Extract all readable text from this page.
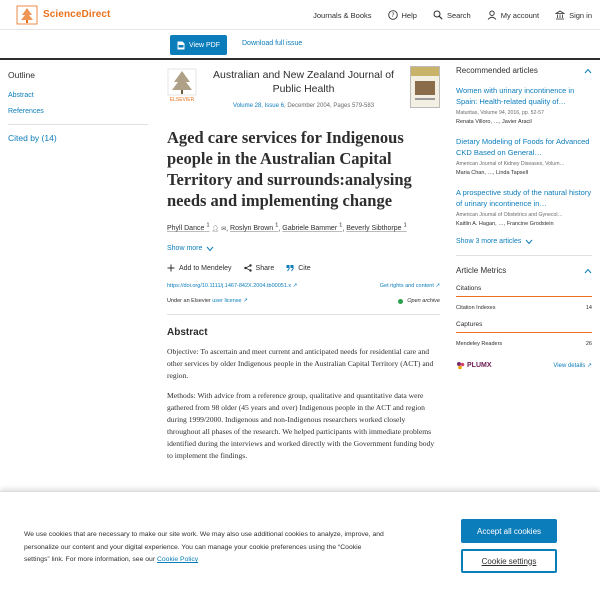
ScienceDirect	Journals & Books	? Help	Search	My account	Sign in
View PDF	Download full issue
Outline
Abstract
References
Cited by (14)
ELSEVIER
Australian and New Zealand Journal of Public Health
Volume 28, Issue 6, December 2004, Pages 579-583
Aged care services for Indigenous people in the Australian Capital Territory and surrounds:analysing needs and implementing change
Phyll Dance $^1$ 👤︎ ✉, Roslyn Brown $^1$, Gabriele Bammer $^1$, Beverly Sibthorpe $^1$
Show more
Add to Mendeley	Share	Cite
https://doi.org/10.1111/j.1467-842X.2004.tb00051.x ↗	Get rights and content ↗
Under an Elsevier user license ↗	Open archive
Abstract

Objective: To ascertain and meet current and anticipated needs for residential care and other services by older Indigenous people in the Australian Capital Territory (ACT) and region.

Methods: With advice from a reference group, qualitative and quantitative data were gathered from 98 older (45 years and over) Indigenous people in the ACT and region during 1999/2000. Indigenous and non-Indigenous researchers worked closely throughout all phases of the research. We helped participants with immediate problems identified during the interviews and worked directly with the Government funding body to implement the findings.

Recommended articles
Women with urinary incontinence in Spain: Health-related quality of…
Maturitas, Volume 94, 2016, pp. 52-57
Renata Villoro, …, Javier Aracil
Dietary Modeling of Foods for Advanced CKD Based on General…
American Journal of Kidney Diseases, Volum…
Maria Chan, …, Linda Tapsell
A prospective study of the natural history of urinary incontinence in…
American Journal of Obstetrics and Gynecol…
Kaitlin A. Hagan, …, Francine Grodstein
Show 3 more articles
Article Metrics
Citations
Citation Indexes	14
Captures
Mendeley Readers	26
PLUMX	View details ↗

We use cookies that are necessary to make our site work. We may also use additional cookies to analyze, improve, and personalize our content and your digital experience. You can manage your cookie preferences using the “Cookie settings” link. For more information, see our Cookie Policy

Accept all cookies
Cookie settings
